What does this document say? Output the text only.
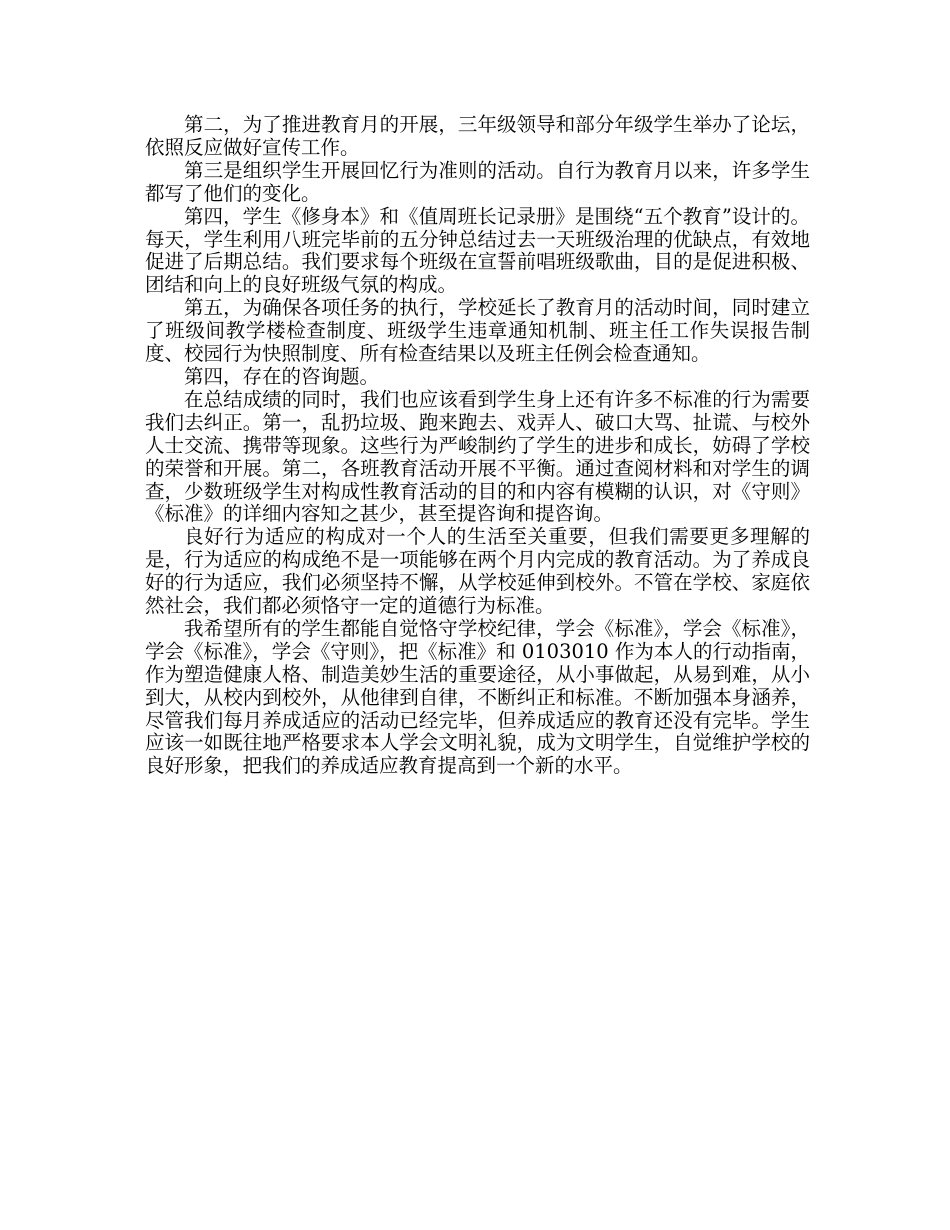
第二，为了推进教育月的开展，三年级领导和部分年级学生举办了论坛，依照反应做好宣传工作。

第三是组织学生开展回忆行为准则的活动。自行为教育月以来，许多学生都写了他们的变化。

第四，学生《修身本》和《值周班长记录册》是围绕“五个教育”设计的。每天，学生利用八班完毕前的五分钟总结过去一天班级治理的优缺点，有效地促进了后期总结。我们要求每个班级在宣誓前唱班级歌曲，目的是促进积极、团结和向上的良好班级气氛的构成。

第五，为确保各项任务的执行，学校延长了教育月的活动时间，同时建立了班级间教学楼检查制度、班级学生违章通知机制、班主任工作失误报告制度、校园行为快照制度、所有检查结果以及班主任例会检查通知。

第四，存在的咨询题。

在总结成绩的同时，我们也应该看到学生身上还有许多不标准的行为需要我们去纠正。第一，乱扔垃圾、跑来跑去、戏弄人、破口大骂、扯谎、与校外人士交流、携带等现象。这些行为严峻制约了学生的进步和成长，妨碍了学校的荣誉和开展。第二，各班教育活动开展不平衡。通过查阅材料和对学生的调查，少数班级学生对构成性教育活动的目的和内容有模糊的认识，对《守则》 《标准》的详细内容知之甚少，甚至提咨询和提咨询。

良好行为适应的构成对一个人的生活至关重要，但我们需要更多理解的是，行为适应的构成绝不是一项能够在两个月内完成的教育活动。为了养成良好的行为适应，我们必须坚持不懈，从学校延伸到校外。不管在学校、家庭依然社会，我们都必须恪守一定的道德行为标准。

我希望所有的学生都能自觉恪守学校纪律，学会《标准》，学会《标准》，学会《标准》，学会《守则》，把《标准》和 0103010 作为本人的行动指南，作为塑造健康人格、制造美妙生活的重要途径，从小事做起，从易到难，从小到大，从校内到校外，从他律到自律，不断纠正和标准。不断加强本身涵养，尽管我们每月养成适应的活动已经完毕，但养成适应的教育还没有完毕。学生应该一如既往地严格要求本人学会文明礼貌，成为文明学生，自觉维护学校的良好形象，把我们的养成适应教育提高到一个新的水平。
